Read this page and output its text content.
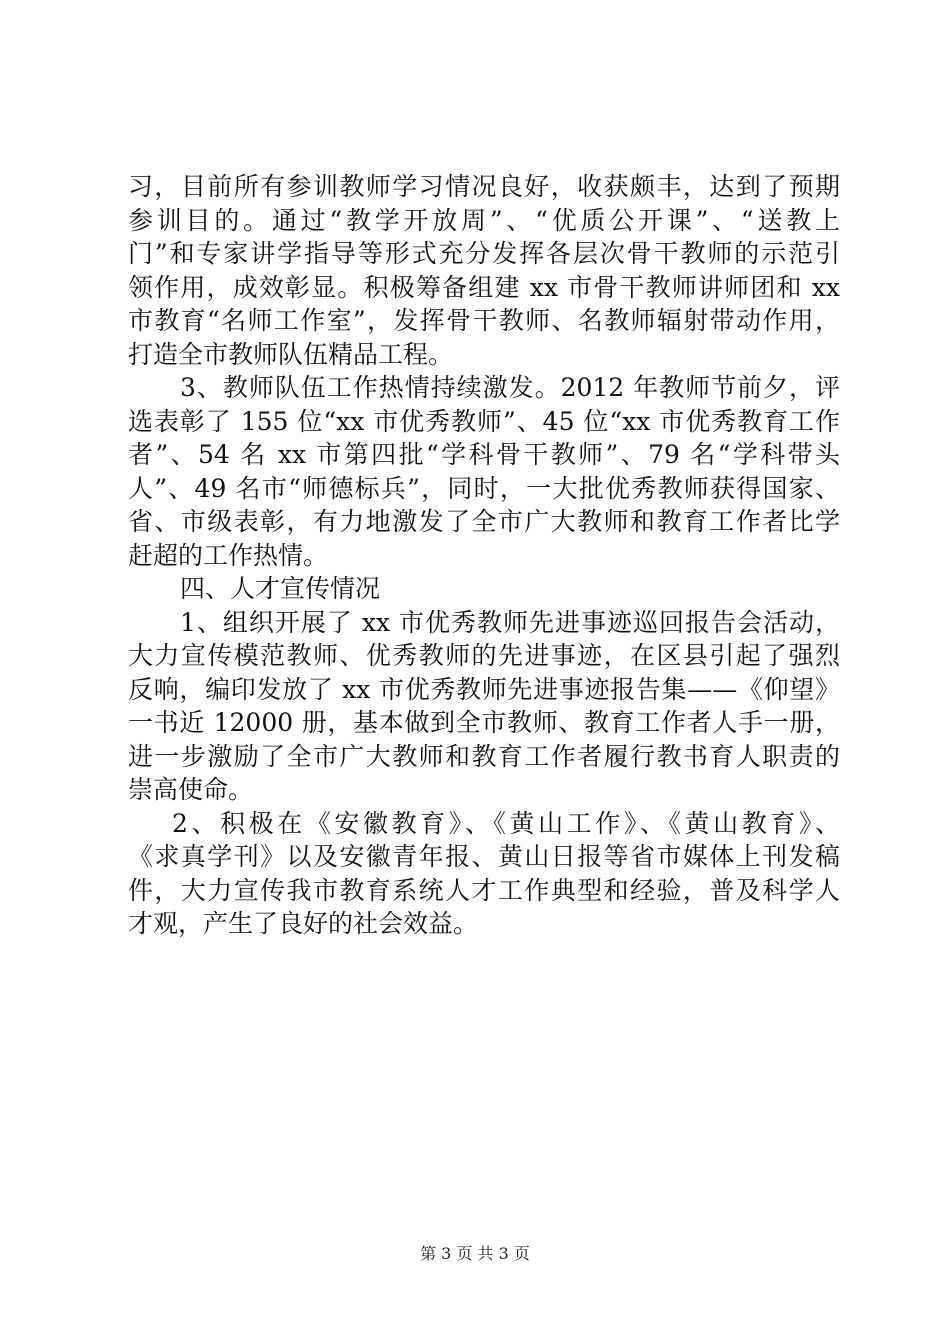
习，目前所有参训教师学习情况良好，收获颇丰，达到了预期
参训目的。通过“教学开放周”、“优质公开课”、“送教上
门”和专家讲学指导等形式充分发挥各层次骨干教师的示范引
领作用，成效彰显。积极筹备组建 xx 市骨干教师讲师团和 xx
市教育“名师工作室”，发挥骨干教师、名教师辐射带动作用，
打造全市教师队伍精品工程。
3、教师队伍工作热情持续激发。2012 年教师节前夕，评
选表彰了 155 位“xx 市优秀教师”、45 位“xx 市优秀教育工作
者”、54 名 xx 市第四批“学科骨干教师”、79 名“学科带头
人”、49 名市“师德标兵”，同时，一大批优秀教师获得国家、
省、市级表彰，有力地激发了全市广大教师和教育工作者比学
赶超的工作热情。
四、人才宣传情况
1、组织开展了 xx 市优秀教师先进事迹巡回报告会活动，
大力宣传模范教师、优秀教师的先进事迹，在区县引起了强烈
反响，编印发放了 xx 市优秀教师先进事迹报告集——《仰望》
一书近 12000 册，基本做到全市教师、教育工作者人手一册，
进一步激励了全市广大教师和教育工作者履行教书育人职责的
崇高使命。
2、积极在《安徽教育》、《黄山工作》、《黄山教育》、
《求真学刊》以及安徽青年报、黄山日报等省市媒体上刊发稿
件，大力宣传我市教育系统人才工作典型和经验，普及科学人
才观，产生了良好的社会效益。
第 3 页 共 3 页
